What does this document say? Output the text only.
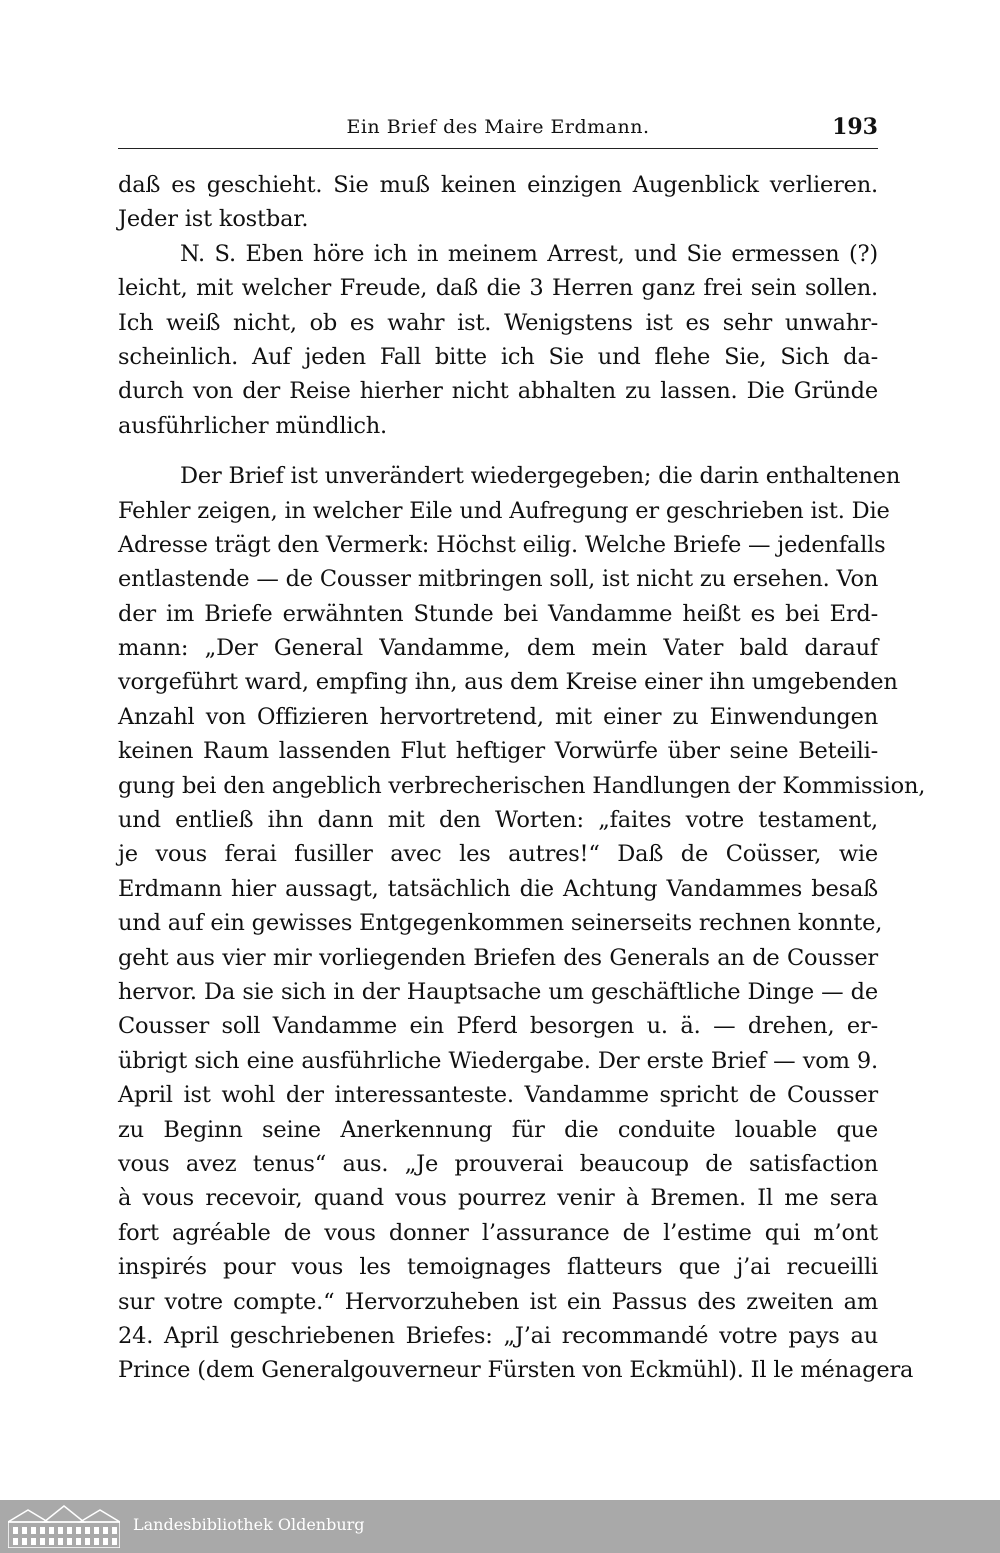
Ein Brief des Maire Erdmann.	193
daß es geschieht. Sie muß keinen einzigen Augenblick verlieren.
Jeder ist kostbar.
N. S. Eben höre ich in meinem Arrest, und Sie ermessen (?)
leicht, mit welcher Freude, daß die 3 Herren ganz frei sein sollen.
Ich weiß nicht, ob es wahr ist. Wenigstens ist es sehr unwahr-
scheinlich. Auf jeden Fall bitte ich Sie und flehe Sie, Sich da-
durch von der Reise hierher nicht abhalten zu lassen. Die Gründe
ausführlicher mündlich.
Der Brief ist unverändert wiedergegeben; die darin enthaltenen
Fehler zeigen, in welcher Eile und Aufregung er geschrieben ist. Die
Adresse trägt den Vermerk: Höchst eilig. Welche Briefe — jedenfalls
entlastende — de Cousser mitbringen soll, ist nicht zu ersehen. Von
der im Briefe erwähnten Stunde bei Vandamme heißt es bei Erd-
mann: „Der General Vandamme, dem mein Vater bald darauf
vorgeführt ward, empfing ihn, aus dem Kreise einer ihn umgebenden
Anzahl von Offizieren hervortretend, mit einer zu Einwendungen
keinen Raum lassenden Flut heftiger Vorwürfe über seine Beteili-
gung bei den angeblich verbrecherischen Handlungen der Kommission,
und entließ ihn dann mit den Worten: „faites votre testament,
je vous ferai fusiller avec les autres!“ Daß de Coüsser, wie
Erdmann hier aussagt, tatsächlich die Achtung Vandammes besaß
und auf ein gewisses Entgegenkommen seinerseits rechnen konnte,
geht aus vier mir vorliegenden Briefen des Generals an de Cousser
hervor. Da sie sich in der Hauptsache um geschäftliche Dinge — de
Cousser soll Vandamme ein Pferd besorgen u. ä. — drehen, er-
übrigt sich eine ausführliche Wiedergabe. Der erste Brief — vom 9.
April ist wohl der interessanteste. Vandamme spricht de Cousser
zu Beginn seine Anerkennung für die conduite louable que
vous avez tenus“ aus. „Je prouverai beaucoup de satisfaction
à vous recevoir, quand vous pourrez venir à Bremen. Il me sera
fort agréable de vous donner l’assurance de l’estime qui m’ont
inspirés pour vous les temoignages flatteurs que j’ai recueilli
sur votre compte.“ Hervorzuheben ist ein Passus des zweiten am
24. April geschriebenen Briefes: „J’ai recommandé votre pays au
Prince (dem Generalgouverneur Fürsten von Eckmühl). Il le ménagera
Landesbibliothek Oldenburg
